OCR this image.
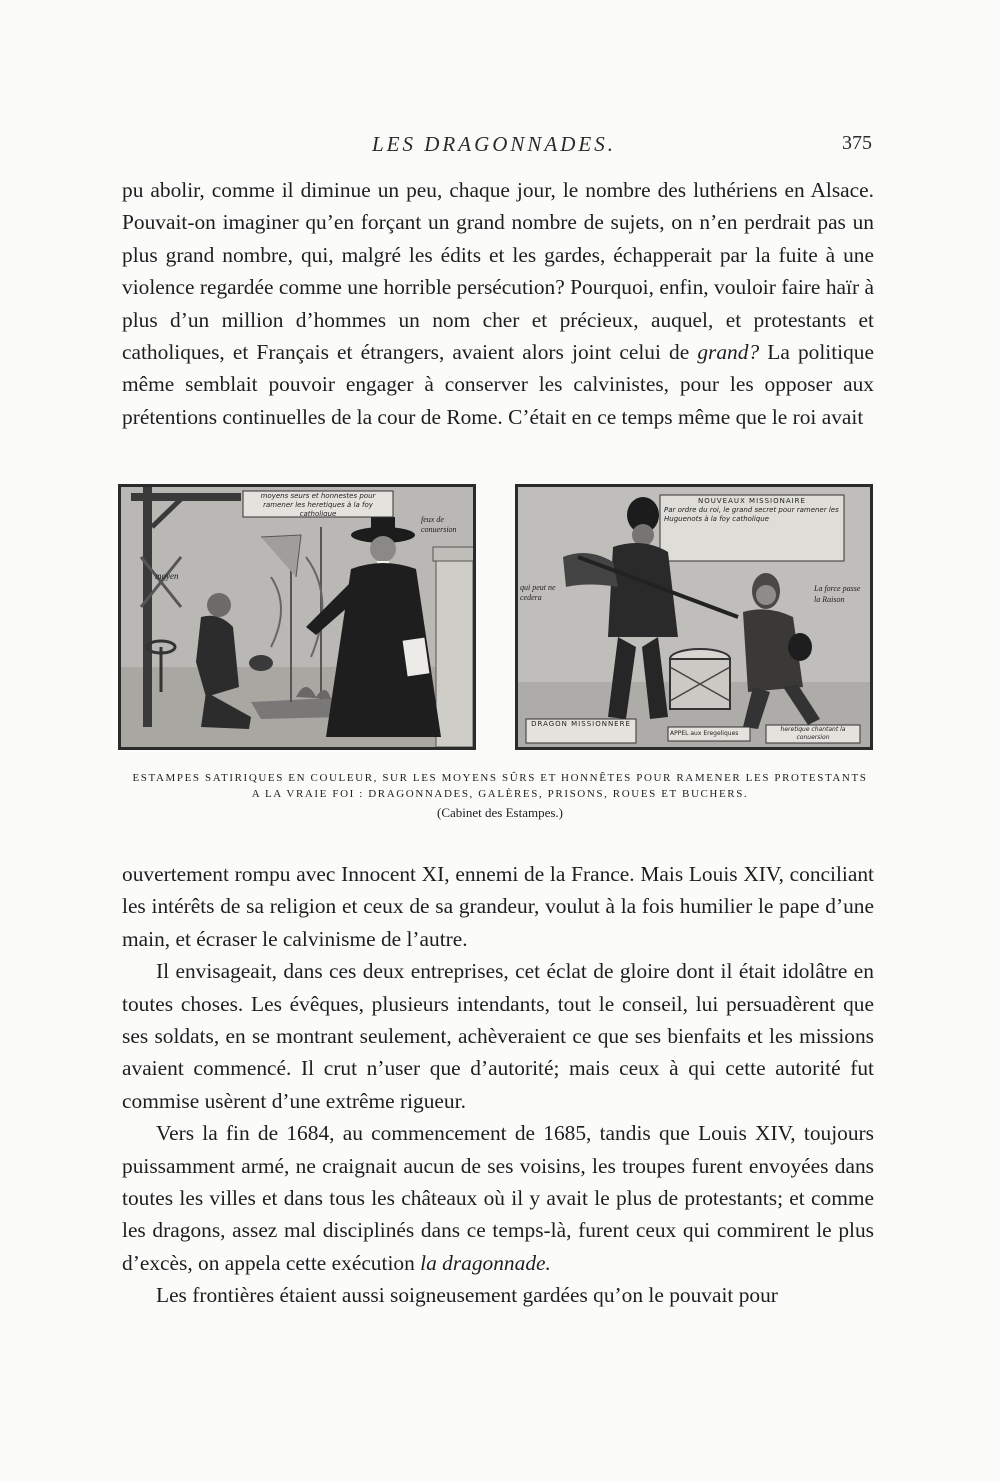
LES DRAGONNADES.	375

pu abolir, comme il diminue un peu, chaque jour, le nombre des luthériens en Alsace. Pouvait-on imaginer qu’en forçant un grand nombre de sujets, on n’en perdrait pas un plus grand nombre, qui, malgré les édits et les gardes, échapperait par la fuite à une violence regardée comme une horrible persécution? Pourquoi, enfin, vouloir faire haïr à plus d’un million d’hommes un nom cher et précieux, auquel, et protestants et catholiques, et Français et étrangers, avaient alors joint celui de grand? La politique même semblait pouvoir engager à conserver les calvinistes, pour les opposer aux prétentions continuelles de la cour de Rome. C’était en ce temps même que le roi avait

moyens seurs et honnestes pour ramener les heretiques à la foy catholique
moyen
feux de conuersion
NOUVEAUX MISSIONAIRE
Par ordre du roi, le grand secret pour ramener les Huguenots à la foy catholique
qui peut ne cedera
La force passe la Raison
DRAGON MISSIONNERE
APPEL aux Eregeliques
heretique chantant la conuersion

ESTAMPES SATIRIQUES EN COULEUR, SUR LES MOYENS SÛRS ET HONNÊTES POUR RAMENER LES PROTESTANTS

A LA VRAIE FOI : DRAGONNADES, GALÈRES, PRISONS, ROUES ET BUCHERS.

(Cabinet des Estampes.)

ouvertement rompu avec Innocent XI, ennemi de la France. Mais Louis XIV, conciliant les intérêts de sa religion et ceux de sa grandeur, voulut à la fois humilier le pape d’une main, et écraser le calvinisme de l’autre.

Il envisageait, dans ces deux entreprises, cet éclat de gloire dont il était idolâtre en toutes choses. Les évêques, plusieurs intendants, tout le conseil, lui persuadèrent que ses soldats, en se montrant seulement, achèveraient ce que ses bienfaits et les missions avaient commencé. Il crut n’user que d’autorité; mais ceux à qui cette autorité fut commise usèrent d’une extrême rigueur.

Vers la fin de 1684, au commencement de 1685, tandis que Louis XIV, toujours puissamment armé, ne craignait aucun de ses voisins, les troupes furent envoyées dans toutes les villes et dans tous les châteaux où il y avait le plus de protestants; et comme les dragons, assez mal disciplinés dans ce temps-là, furent ceux qui commirent le plus d’excès, on appela cette exécution la dragonnade.

Les frontières étaient aussi soigneusement gardées qu’on le pouvait pour
